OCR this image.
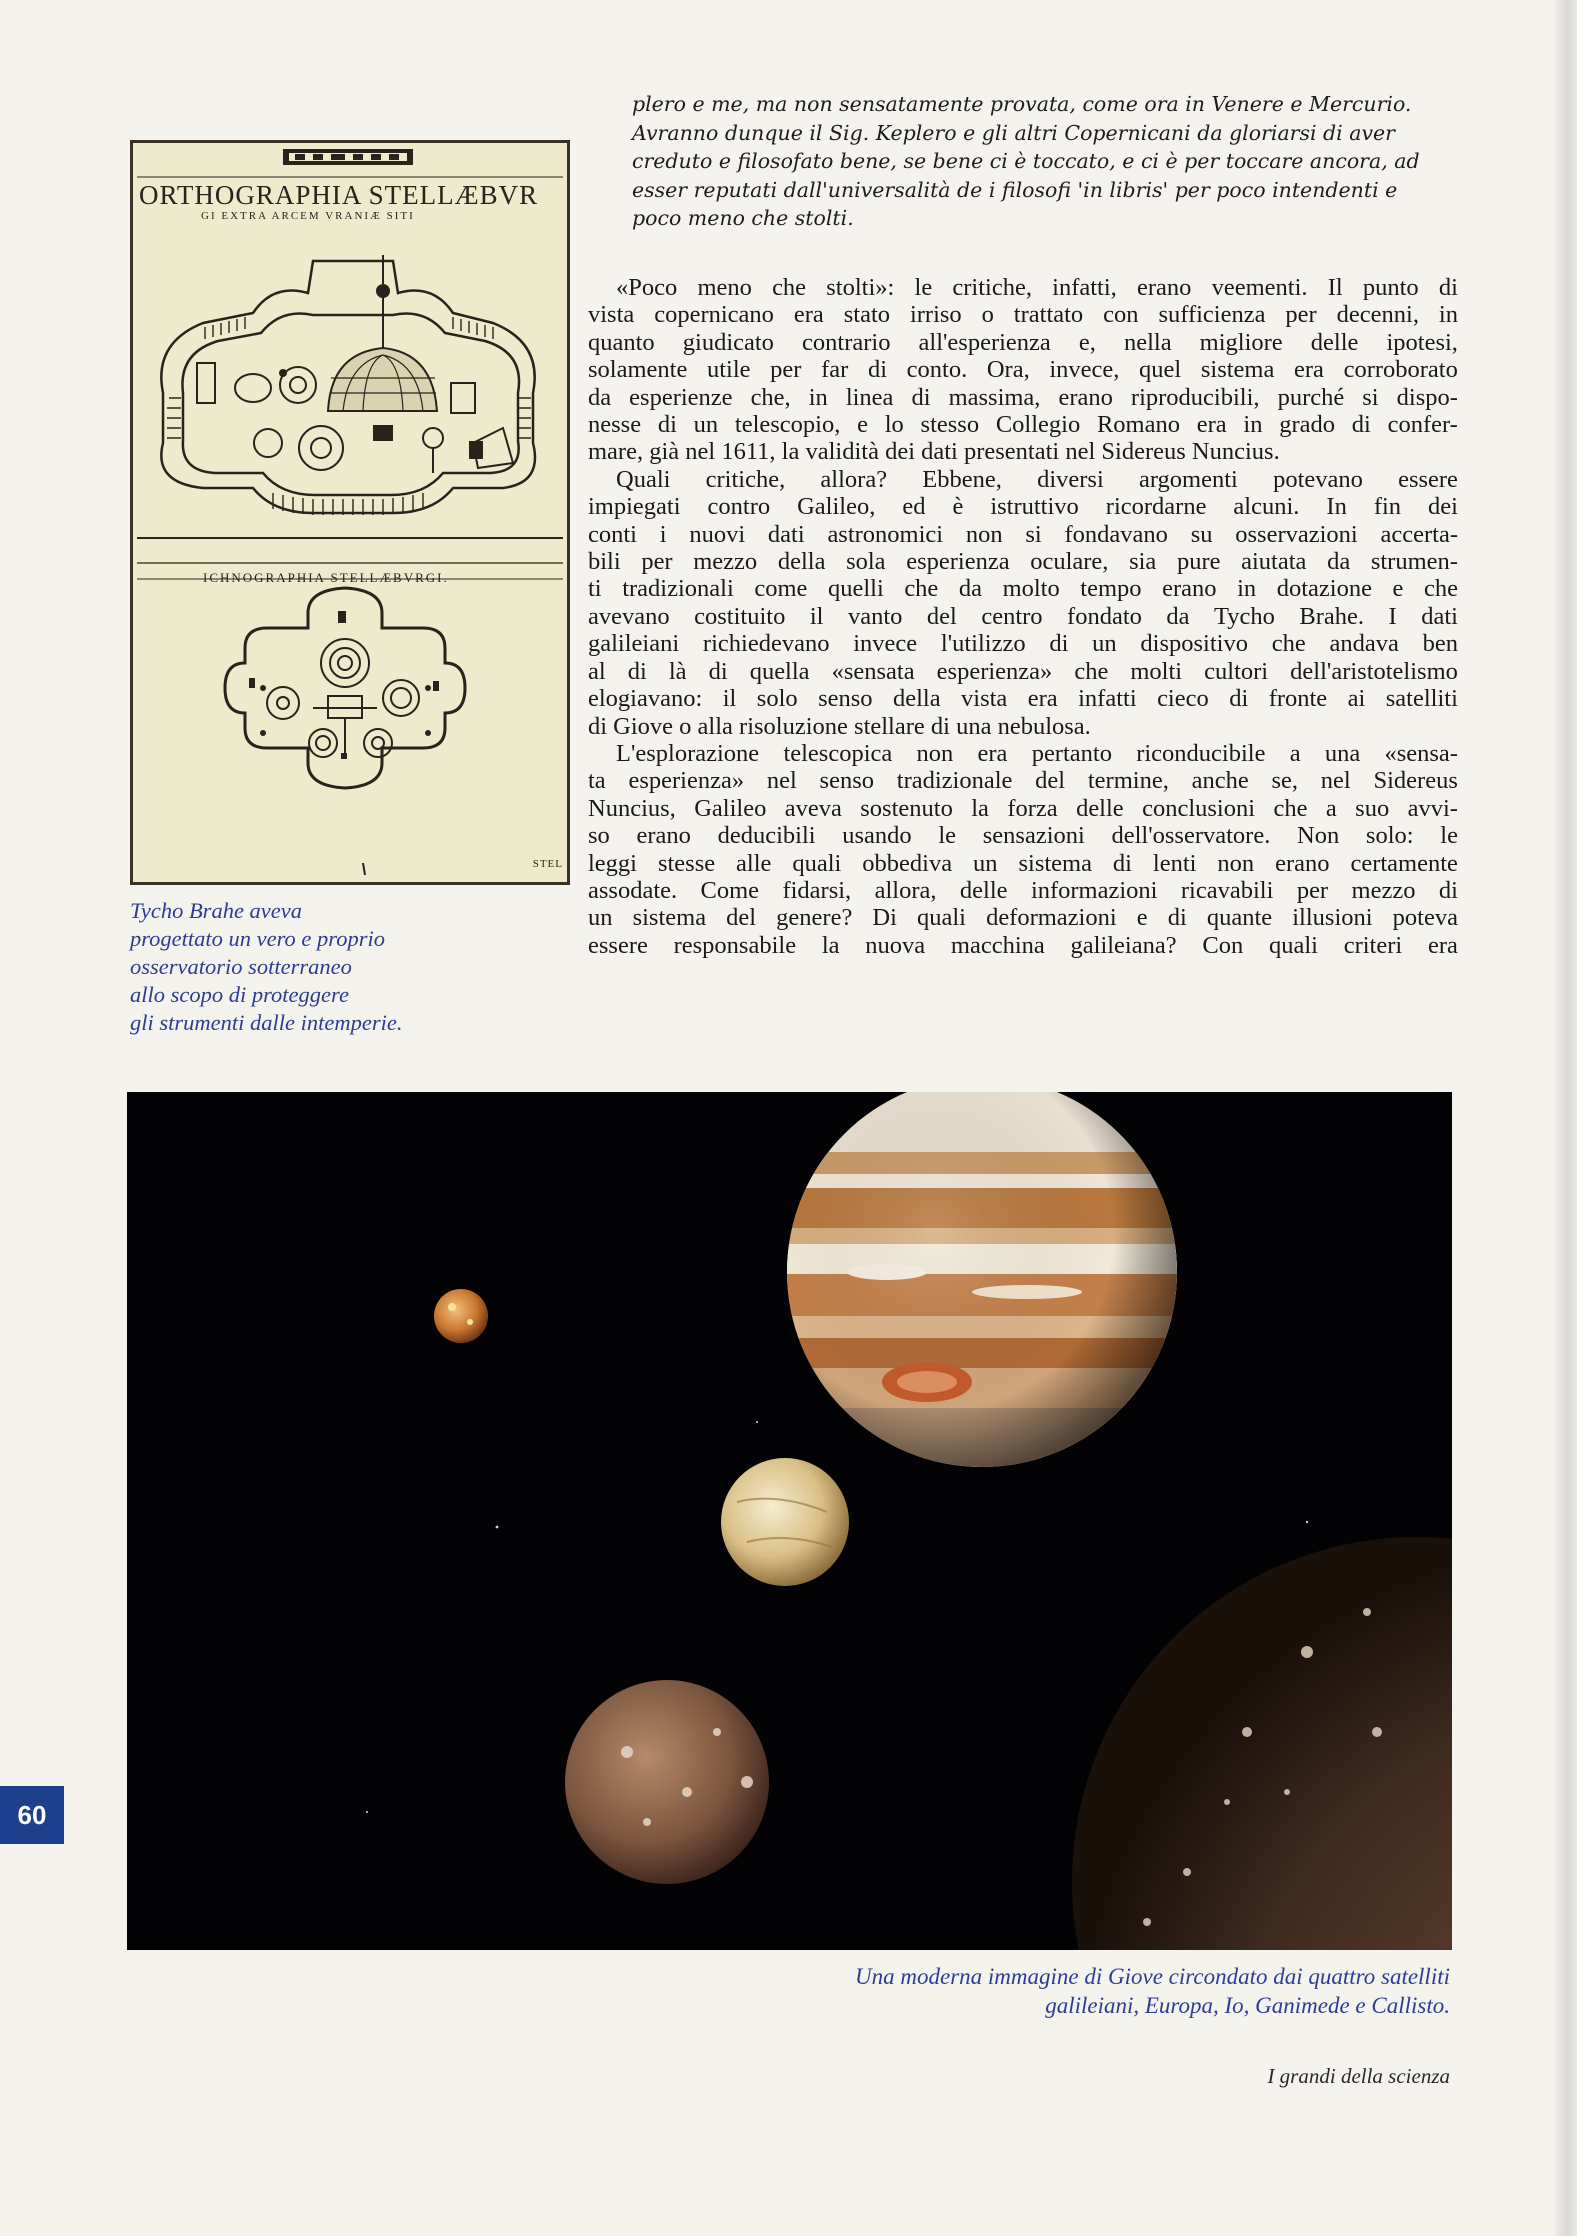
ORTHOGRAPHIA STELLÆBVR
GI EXTRA ARCEM VRANIÆ SITI
ICHNOGRAPHIA STELLÆBVRGI.
STEL
Tycho Brahe aveva
progettato un vero e proprio
osservatorio sotterraneo
allo scopo di proteggere
gli strumenti dalle intemperie.
plero e me, ma non sensatamente provata, come ora in Venere e Mercurio.
Avranno dunque il Sig. Keplero e gli altri Copernicani da gloriarsi di aver
creduto e filosofato bene, se bene ci è toccato, e ci è per toccare ancora, ad
esser reputati dall'universalità de i filosofi 'in libris' per poco intendenti e
poco meno che stolti.
«Poco meno che stolti»: le critiche, infatti, erano veementi. Il punto di
vista copernicano era stato irriso o trattato con sufficienza per decenni, in
quanto giudicato contrario all'esperienza e, nella migliore delle ipotesi,
solamente utile per far di conto. Ora, invece, quel sistema era corroborato
da esperienze che, in linea di massima, erano riproducibili, purché si dispo-
nesse di un telescopio, e lo stesso Collegio Romano era in grado di confer-
mare, già nel 1611, la validità dei dati presentati nel Sidereus Nuncius.
Quali critiche, allora? Ebbene, diversi argomenti potevano essere
impiegati contro Galileo, ed è istruttivo ricordarne alcuni. In fin dei
conti i nuovi dati astronomici non si fondavano su osservazioni accerta-
bili per mezzo della sola esperienza oculare, sia pure aiutata da strumen-
ti tradizionali come quelli che da molto tempo erano in dotazione e che
avevano costituito il vanto del centro fondato da Tycho Brahe. I dati
galileiani richiedevano invece l'utilizzo di un dispositivo che andava ben
al di là di quella «sensata esperienza» che molti cultori dell'aristotelismo
elogiavano: il solo senso della vista era infatti cieco di fronte ai satelliti
di Giove o alla risoluzione stellare di una nebulosa.
L'esplorazione telescopica non era pertanto riconducibile a una «sensa-
ta esperienza» nel senso tradizionale del termine, anche se, nel Sidereus
Nuncius, Galileo aveva sostenuto la forza delle conclusioni che a suo avvi-
so erano deducibili usando le sensazioni dell'osservatore. Non solo: le
leggi stesse alle quali obbediva un sistema di lenti non erano certamente
assodate. Come fidarsi, allora, delle informazioni ricavabili per mezzo di
un sistema del genere? Di quali deformazioni e di quante illusioni poteva
essere responsabile la nuova macchina galileiana? Con quali criteri era
Una moderna immagine di Giove circondato dai quattro satelliti
galileiani, Europa, Io, Ganimede e Callisto.
60
I grandi della scienza
